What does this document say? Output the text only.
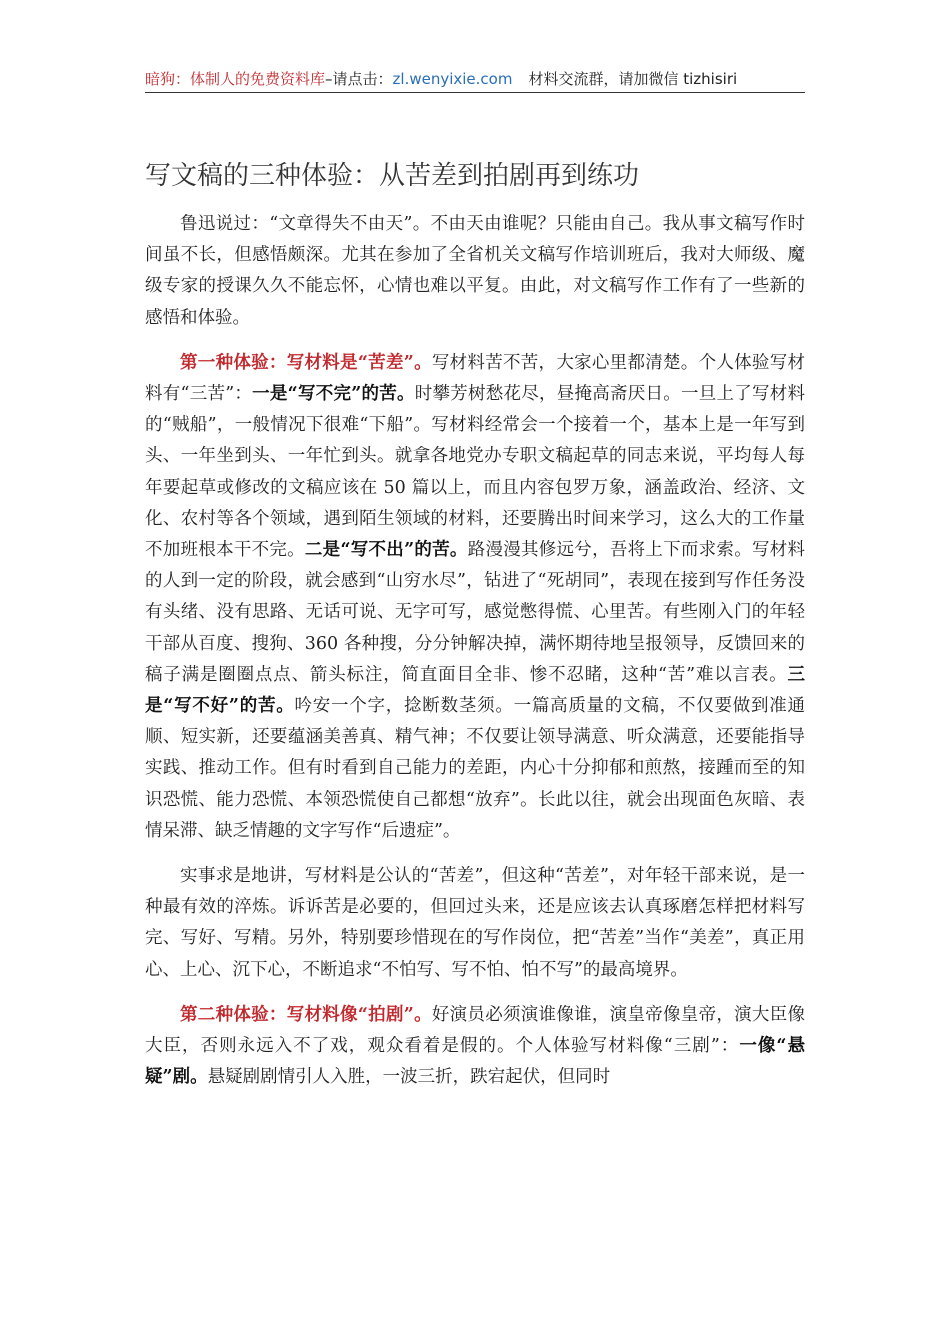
暗狗：体制人的免费资料库–请点击：zl.wenyixie.com 材料交流群，请加微信 tizhisiri
写文稿的三种体验：从苦差到拍剧再到练功

鲁迅说过：“文章得失不由天”。不由天由谁呢？只能由自己。我从事文稿写作时间虽不长，但感悟颇深。尤其在参加了全省机关文稿写作培训班后，我对大师级、魔级专家的授课久久不能忘怀，心情也难以平复。由此，对文稿写作工作有了一些新的感悟和体验。

第一种体验：写材料是“苦差”。写材料苦不苦，大家心里都清楚。个人体验写材料有“三苦”：一是“写不完”的苦。时攀芳树愁花尽，昼掩高斋厌日。一旦上了写材料的“贼船”，一般情况下很难“下船”。写材料经常会一个接着一个，基本上是一年写到头、一年坐到头、一年忙到头。就拿各地党办专职文稿起草的同志来说，平均每人每年要起草或修改的文稿应该在 50 篇以上，而且内容包罗万象，涵盖政治、经济、文化、农村等各个领域，遇到陌生领域的材料，还要腾出时间来学习，这么大的工作量不加班根本干不完。二是“写不出”的苦。路漫漫其修远兮，吾将上下而求索。写材料的人到一定的阶段，就会感到“山穷水尽”，钻进了“死胡同”，表现在接到写作任务没有头绪、没有思路、无话可说、无字可写，感觉憋得慌、心里苦。有些刚入门的年轻干部从百度、搜狗、360 各种搜，分分钟解决掉，满怀期待地呈报领导，反馈回来的稿子满是圈圈点点、箭头标注，简直面目全非、惨不忍睹，这种“苦”难以言表。三是“写不好”的苦。吟安一个字，捻断数茎须。一篇高质量的文稿，不仅要做到准通顺、短实新，还要蕴涵美善真、精气神；不仅要让领导满意、听众满意，还要能指导实践、推动工作。但有时看到自己能力的差距，内心十分抑郁和煎熬，接踵而至的知识恐慌、能力恐慌、本领恐慌使自己都想“放弃”。长此以往，就会出现面色灰暗、表情呆滞、缺乏情趣的文字写作“后遗症”。

实事求是地讲，写材料是公认的“苦差”，但这种“苦差”，对年轻干部来说，是一种最有效的淬炼。诉诉苦是必要的，但回过头来，还是应该去认真琢磨怎样把材料写完、写好、写精。另外，特别要珍惜现在的写作岗位，把“苦差”当作“美差”，真正用心、上心、沉下心，不断追求“不怕写、写不怕、怕不写”的最高境界。

第二种体验：写材料像“拍剧”。好演员必须演谁像谁，演皇帝像皇帝，演大臣像大臣，否则永远入不了戏，观众看着是假的。个人体验写材料像“三剧”：一像“悬疑”剧。悬疑剧剧情引人入胜，一波三折，跌宕起伏，但同时
